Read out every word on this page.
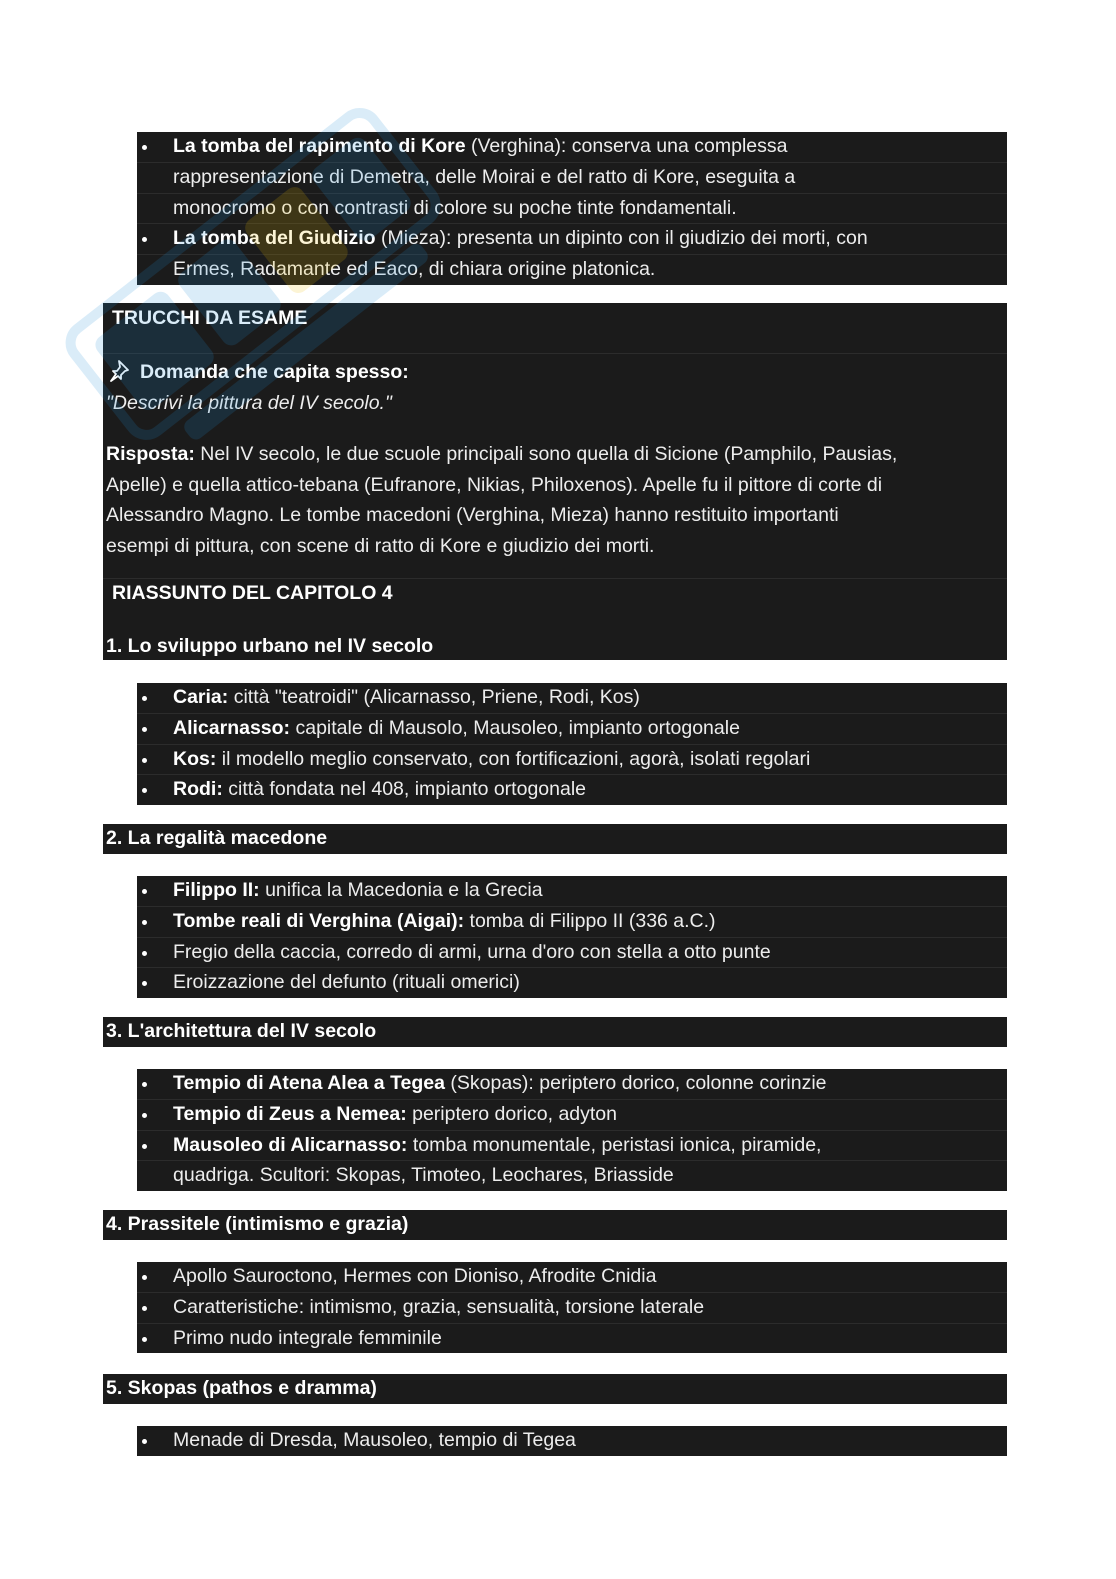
La tomba del rapimento di Kore (Verghina): conserva una complessa
rappresentazione di Demetra, delle Moirai e del ratto di Kore, eseguita a
monocromo o con contrasti di colore su poche tinte fondamentali.
La tomba del Giudizio (Mieza): presenta un dipinto con il giudizio dei morti, con
Ermes, Radamante ed Eaco, di chiara origine platonica.
TRUCCHI DA ESAME
Domanda che capita spesso:
"Descrivi la pittura del IV secolo."
Risposta: Nel IV secolo, le due scuole principali sono quella di Sicione (Pamphilo, Pausias,
Apelle) e quella attico-tebana (Eufranore, Nikias, Philoxenos). Apelle fu il pittore di corte di
Alessandro Magno. Le tombe macedoni (Verghina, Mieza) hanno restituito importanti
esempi di pittura, con scene di ratto di Kore e giudizio dei morti.
RIASSUNTO DEL CAPITOLO 4
1. Lo sviluppo urbano nel IV secolo
Caria: città "teatroidi" (Alicarnasso, Priene, Rodi, Kos)
Alicarnasso: capitale di Mausolo, Mausoleo, impianto ortogonale
Kos: il modello meglio conservato, con fortificazioni, agorà, isolati regolari
Rodi: città fondata nel 408, impianto ortogonale
2. La regalità macedone
Filippo II: unifica la Macedonia e la Grecia
Tombe reali di Verghina (Aigai): tomba di Filippo II (336 a.C.)
Fregio della caccia, corredo di armi, urna d'oro con stella a otto punte
Eroizzazione del defunto (rituali omerici)
3. L'architettura del IV secolo
Tempio di Atena Alea a Tegea (Skopas): periptero dorico, colonne corinzie
Tempio di Zeus a Nemea: periptero dorico, adyton
Mausoleo di Alicarnasso: tomba monumentale, peristasi ionica, piramide,
quadriga. Scultori: Skopas, Timoteo, Leochares, Briasside
4. Prassitele (intimismo e grazia)
Apollo Sauroctono, Hermes con Dioniso, Afrodite Cnidia
Caratteristiche: intimismo, grazia, sensualità, torsione laterale
Primo nudo integrale femminile
5. Skopas (pathos e dramma)
Menade di Dresda, Mausoleo, tempio di Tegea
